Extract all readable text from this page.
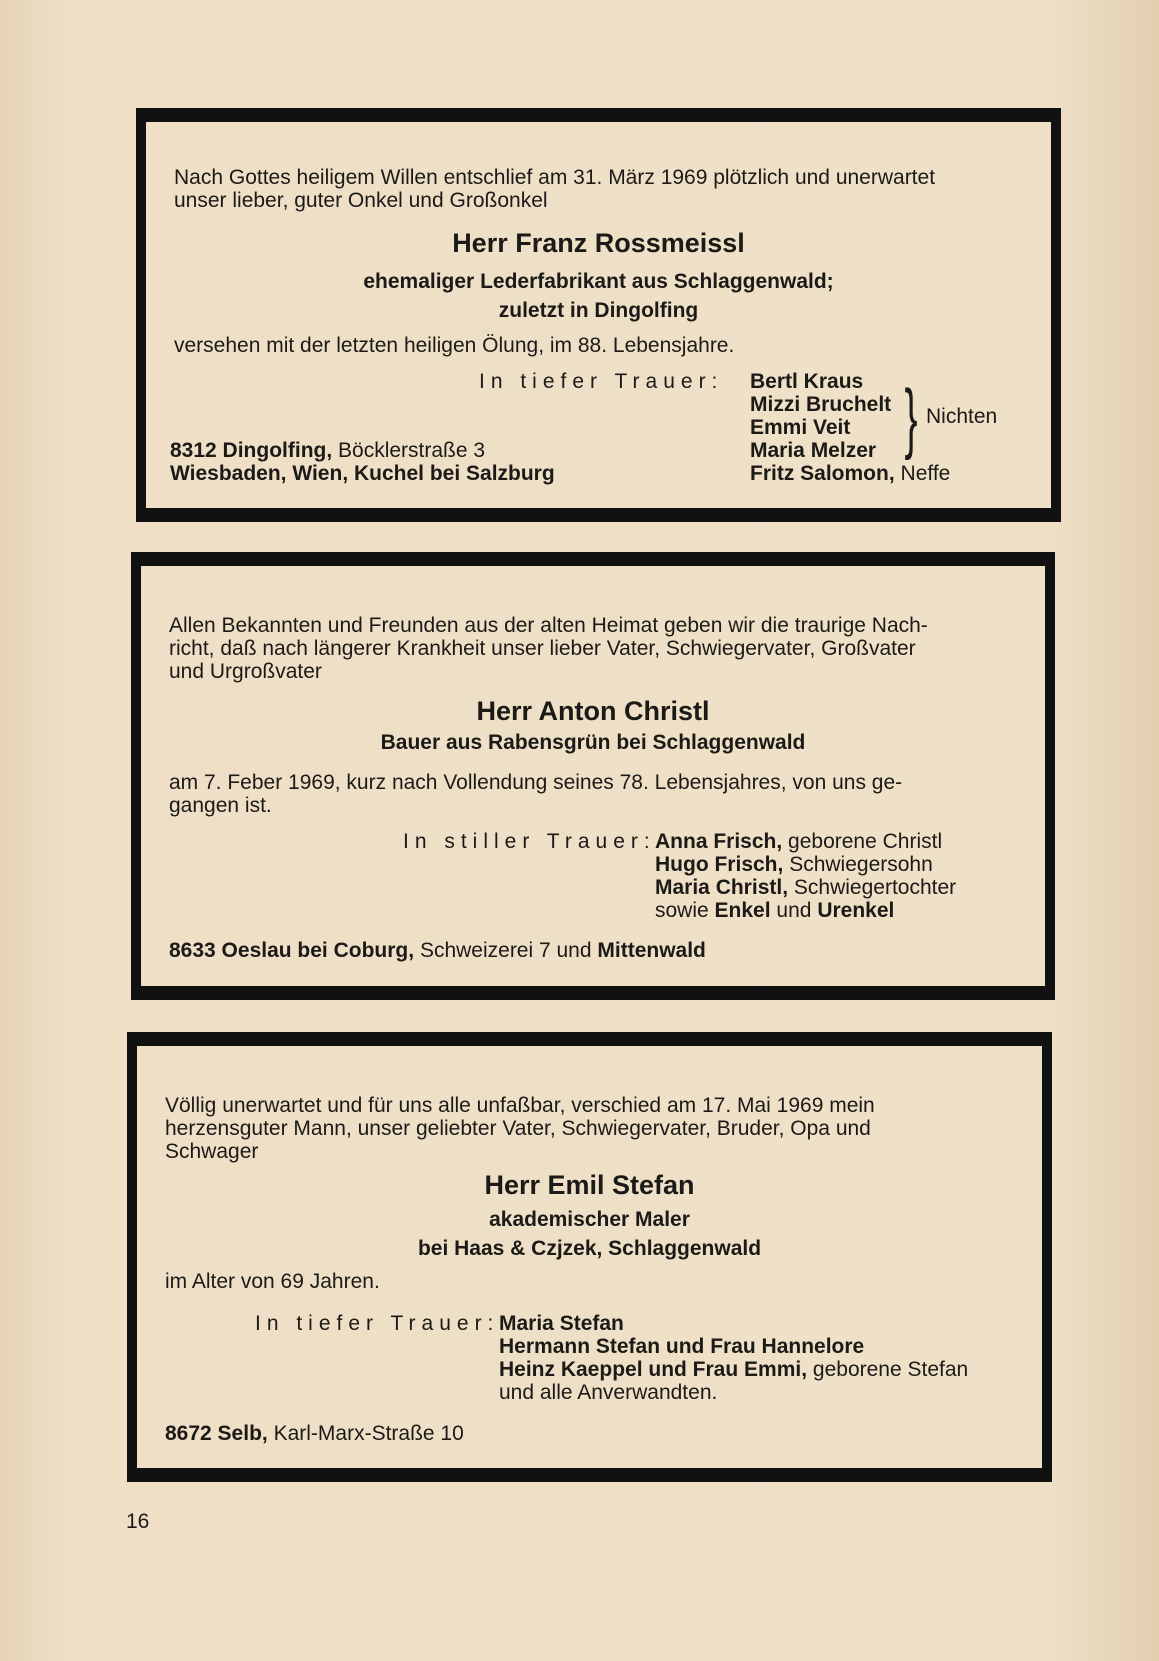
Nach Gottes heiligem Willen entschlief am 31. März 1969 plötzlich und unerwartet
unser lieber, guter Onkel und Großonkel
Herr Franz Rossmeissl
ehemaliger Lederfabrikant aus Schlaggenwald;
zuletzt in Dingolfing
versehen mit der letzten heiligen Ölung, im 88. Lebensjahre.
In tiefer Trauer: Bertl Kraus
Mizzi Bruchelt
Emmi Veit
Maria Melzer } Nichten
Fritz Salomon, Neffe
8312 Dingolfing, Böcklerstraße 3
Wiesbaden, Wien, Kuchel bei Salzburg
Allen Bekannten und Freunden aus der alten Heimat geben wir die traurige Nach-
richt, daß nach längerer Krankheit unser lieber Vater, Schwiegervater, Großvater
und Urgroßvater
Herr Anton Christl
Bauer aus Rabensgrün bei Schlaggenwald
am 7. Feber 1969, kurz nach Vollendung seines 78. Lebensjahres, von uns ge-
gangen ist.
In stiller Trauer: Anna Frisch, geborene Christl
Hugo Frisch, Schwiegersohn
Maria Christl, Schwiegertochter
sowie Enkel und Urenkel
8633 Oeslau bei Coburg, Schweizerei 7 und Mittenwald
Völlig unerwartet und für uns alle unfaßbar, verschied am 17. Mai 1969 mein
herzensguter Mann, unser geliebter Vater, Schwiegervater, Bruder, Opa und
Schwager
Herr Emil Stefan
akademischer Maler
bei Haas & Czjzek, Schlaggenwald
im Alter von 69 Jahren.
In tiefer Trauer: Maria Stefan
Hermann Stefan und Frau Hannelore
Heinz Kaeppel und Frau Emmi, geborene Stefan
und alle Anverwandten.
8672 Selb, Karl-Marx-Straße 10
16
